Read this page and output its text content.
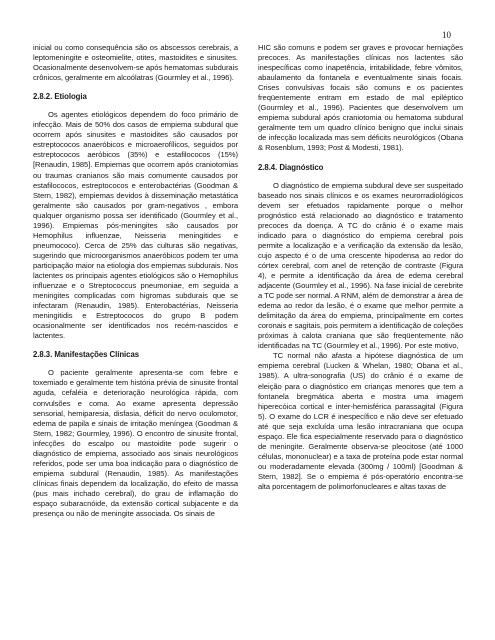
10

inicial ou como consequência são os abscessos cerebrais, a leptomeningite e osteomielite, otites, mastoidites e sinusites. Ocasionalmente desenvolvem-se após hematomas subdurais crônicos, geralmente em alcoólatras (Gourmley et al., 1996).

2.8.2. Etiologia

Os agentes etiológicos dependem do foco primário de infecção. Mais de 50% dos casos de empiema subdural que ocorrem após sinusites e mastoidites são causados por estreptococos anaeróbicos e microaerofílicos, seguidos por estreptococos aeróbicos (35%) e estafilococos (15%) [Renaudin, 1985]. Empiemas que ocorrem após craniotomias ou traumas cranianos são mais comumente causados por estafilococos, estreptococos e enterobactérias (Goodman & Stern, 1982), empiemas devidos à disseminação metastática geralmente são causados por gram-negativos , embora qualquer organismo possa ser identificado (Gourmley et al., 1996). Empiemas pós-meningites são causados por Hemophilus influenzae, Neisseria meningitides e pneumococo). Cerca de 25% das culturas são negativas, sugerindo que microorganismos anaeróbicos podem ter uma participação maior na etiologia dos empiemas subdurais. Nos lactentes os principais agentes etiológicos são o Hemophilus influenzae e o Streptococcus pneumoniae, em seguida a meningites complicadas com higromas subdurais que se infectaram (Renaudin, 1985). Enterobactérias, Neisseria meningitidis e Estreptococos do grupo B podem ocasionalmente ser identificados nos recém-nascidos e lactentes.

2.8.3. Manifestações Clínicas

O paciente geralmente apresenta-se com febre e toxemiado e geralmente tem história prévia de sinusite frontal aguda, cefaléia e deterioração neurológica rápida, com convulsões e coma. Ao exame apresenta depressão sensorial, hemiparesia, disfasia, déficit do nervo oculomotor, edema de papila e sinais de irritação meníngea (Goodman & Stern, 1982; Gourmley, 1996). O encontro de sinusite frontal, infecções do escalpo ou mastoidite pode sugerir o diagnóstico de empiema, associado aos sinais neurológicos referidos, pode ser uma boa indicação para o diagnóstico de empiema subdural (Renaudin, 1985). As manifestações clínicas finais dependem da localização, do efeito de massa (pus mais inchado cerebral), do grau de inflamação do espaço subaracnóide, da extensão cortical subjacente e da presença ou não de meningite associada. Os sinais de

HIC são comuns e podem ser graves e provocar herniações precoces. As manifestações clínicas nos lactentes são inespecíficas como inapetência, irritabilidade, febre vômitos, abaulamento da fontanela e eventualmente sinais focais. Crises convulsivas focais são comuns e os pacientes freqüentemente entram em estado de mal epiléptico (Gourmley et al., 1996). Pacientes que desenvolvem um empiema subdural após craniotomia ou hematoma subdural geralmente tem um quadro clínico benigno que inclui sinais de infecção localizada mas sem déficits neurológicos (Obana & Rosenblum, 1993; Post & Modesti, 1981).

2.8.4. Diagnóstico

O diagnóstico de empiema subdural deve ser suspeitado baseado nos sinais clínicos e os exames neurorradiológicos devem ser efetuados rapidamente porque o melhor prognóstico está relacionado ao diagnóstico e tratamento precoces da doença. A TC do crânio é o exame mais indicado para o diagnóstico do empiema cerebral pois permite a localização e a verificação da extensão da lesão, cujo aspecto é o de uma crescente hipodensa ao redor do córtex cerebral, com anel de retenção de contraste (Figura 4), e permite a identificação da área de edema cerebral adjacente (Gourmley et al., 1996). Na fase inicial de cerebrite a TC pode ser normal. A RNM, além de demonstrar a área de edema ao redor da lesão, é o exame que melhor permite a delimitação da área do empiema, principalmente em cortes coronais e sagitais, pois permitem a identificação de coleções próximas à calota craniana que são freqüentemente não identificadas na TC (Gourmley et al., 1996). Por este motivo,

TC normal não afasta a hipótese diagnóstica de um empiema cerebral (Lucken & Whelan, 1980; Obana et al., 1985). A ultra-sonografia (US) do crânio é o exame de eleição para o diagnóstico em crianças menores que tem a fontanela bregmática aberta e mostra uma imagem hiperecóica cortical e inter-hemisférica parassagital (Figura 5). O exame do LCR é inespecífico e não deve ser efetuado até que seja excluída uma lesão intracraniana que ocupa espaço. Ele fica especialmente reservado para o diagnóstico de meningite. Geralmente observa-se pleocitose (até 1000 células, mononuclear) e a taxa de proteína pode estar normal ou moderadamente elevada (300mg / 100ml) [Goodman & Stern, 1982]. Se o empiema é pós-operatório encontra-se alta porcentagem de polimorfonucleares e altas taxas de
